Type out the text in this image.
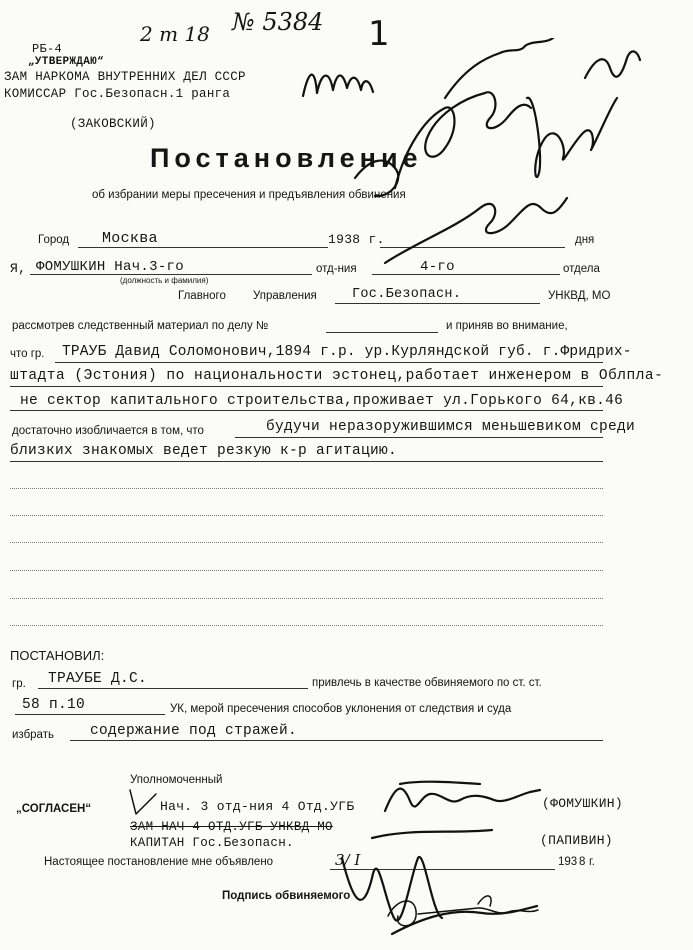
РБ-4
„УТВЕРЖДАЮ“
ЗАМ НАРКОМА ВНУТРЕННИХ ДЕЛ СССР
КОМИССАР Гос.Безопасн.1 ранга
(ЗАКОВСКИЙ)
2 т 18 № 5384 1
Постановление
об избрании меры пресечения и предъявления обвинения
Город Москва	1938 г.	дня
Я, ФОМУШКИН Нач.3-го
(должность и фамилия)
отд-ния	4-го	отдела
Главного Управления	Гос.Безопасн.	УНКВД, МО
рассмотрев следственный материал по делу №	и приняв во внимание,
что гр. ТРАУБ Давид Соломонович,1894 г.р. ур.Курляндской губ. г.Фридрих-
штадта (Эстония) по национальности эстонец,работает инженером в Облпла-
не сектор капитального строительства,проживает ул.Горького 64,кв.46
достаточно изобличается в том, что	будучи неразоружившимся меньшевиком среди
близких знакомых ведет резкую к-р агитацию.
ПОСТАНОВИЛ:
гр. ТРАУБЕ Д.С.	привлечь в качестве обвиняемого по ст. ст.
58 п.10	УК, мерой пресечения способов уклонения от следствия и суда
избрать содержание под стражей.
Уполномоченный
„СОГЛАСЕН“	Нач. 3 отд-ния 4 Отд.УГБ	(ФОМУШКИН)
ЗАМ НАЧ 4 ОТД.УГБ УНКВД МО
КАПИТАН Гос.Безопасн.	(ПАПИВИН)
Настоящее постановление мне объявлено	3/ I	193 8 г.
Подпись обвиняемого
